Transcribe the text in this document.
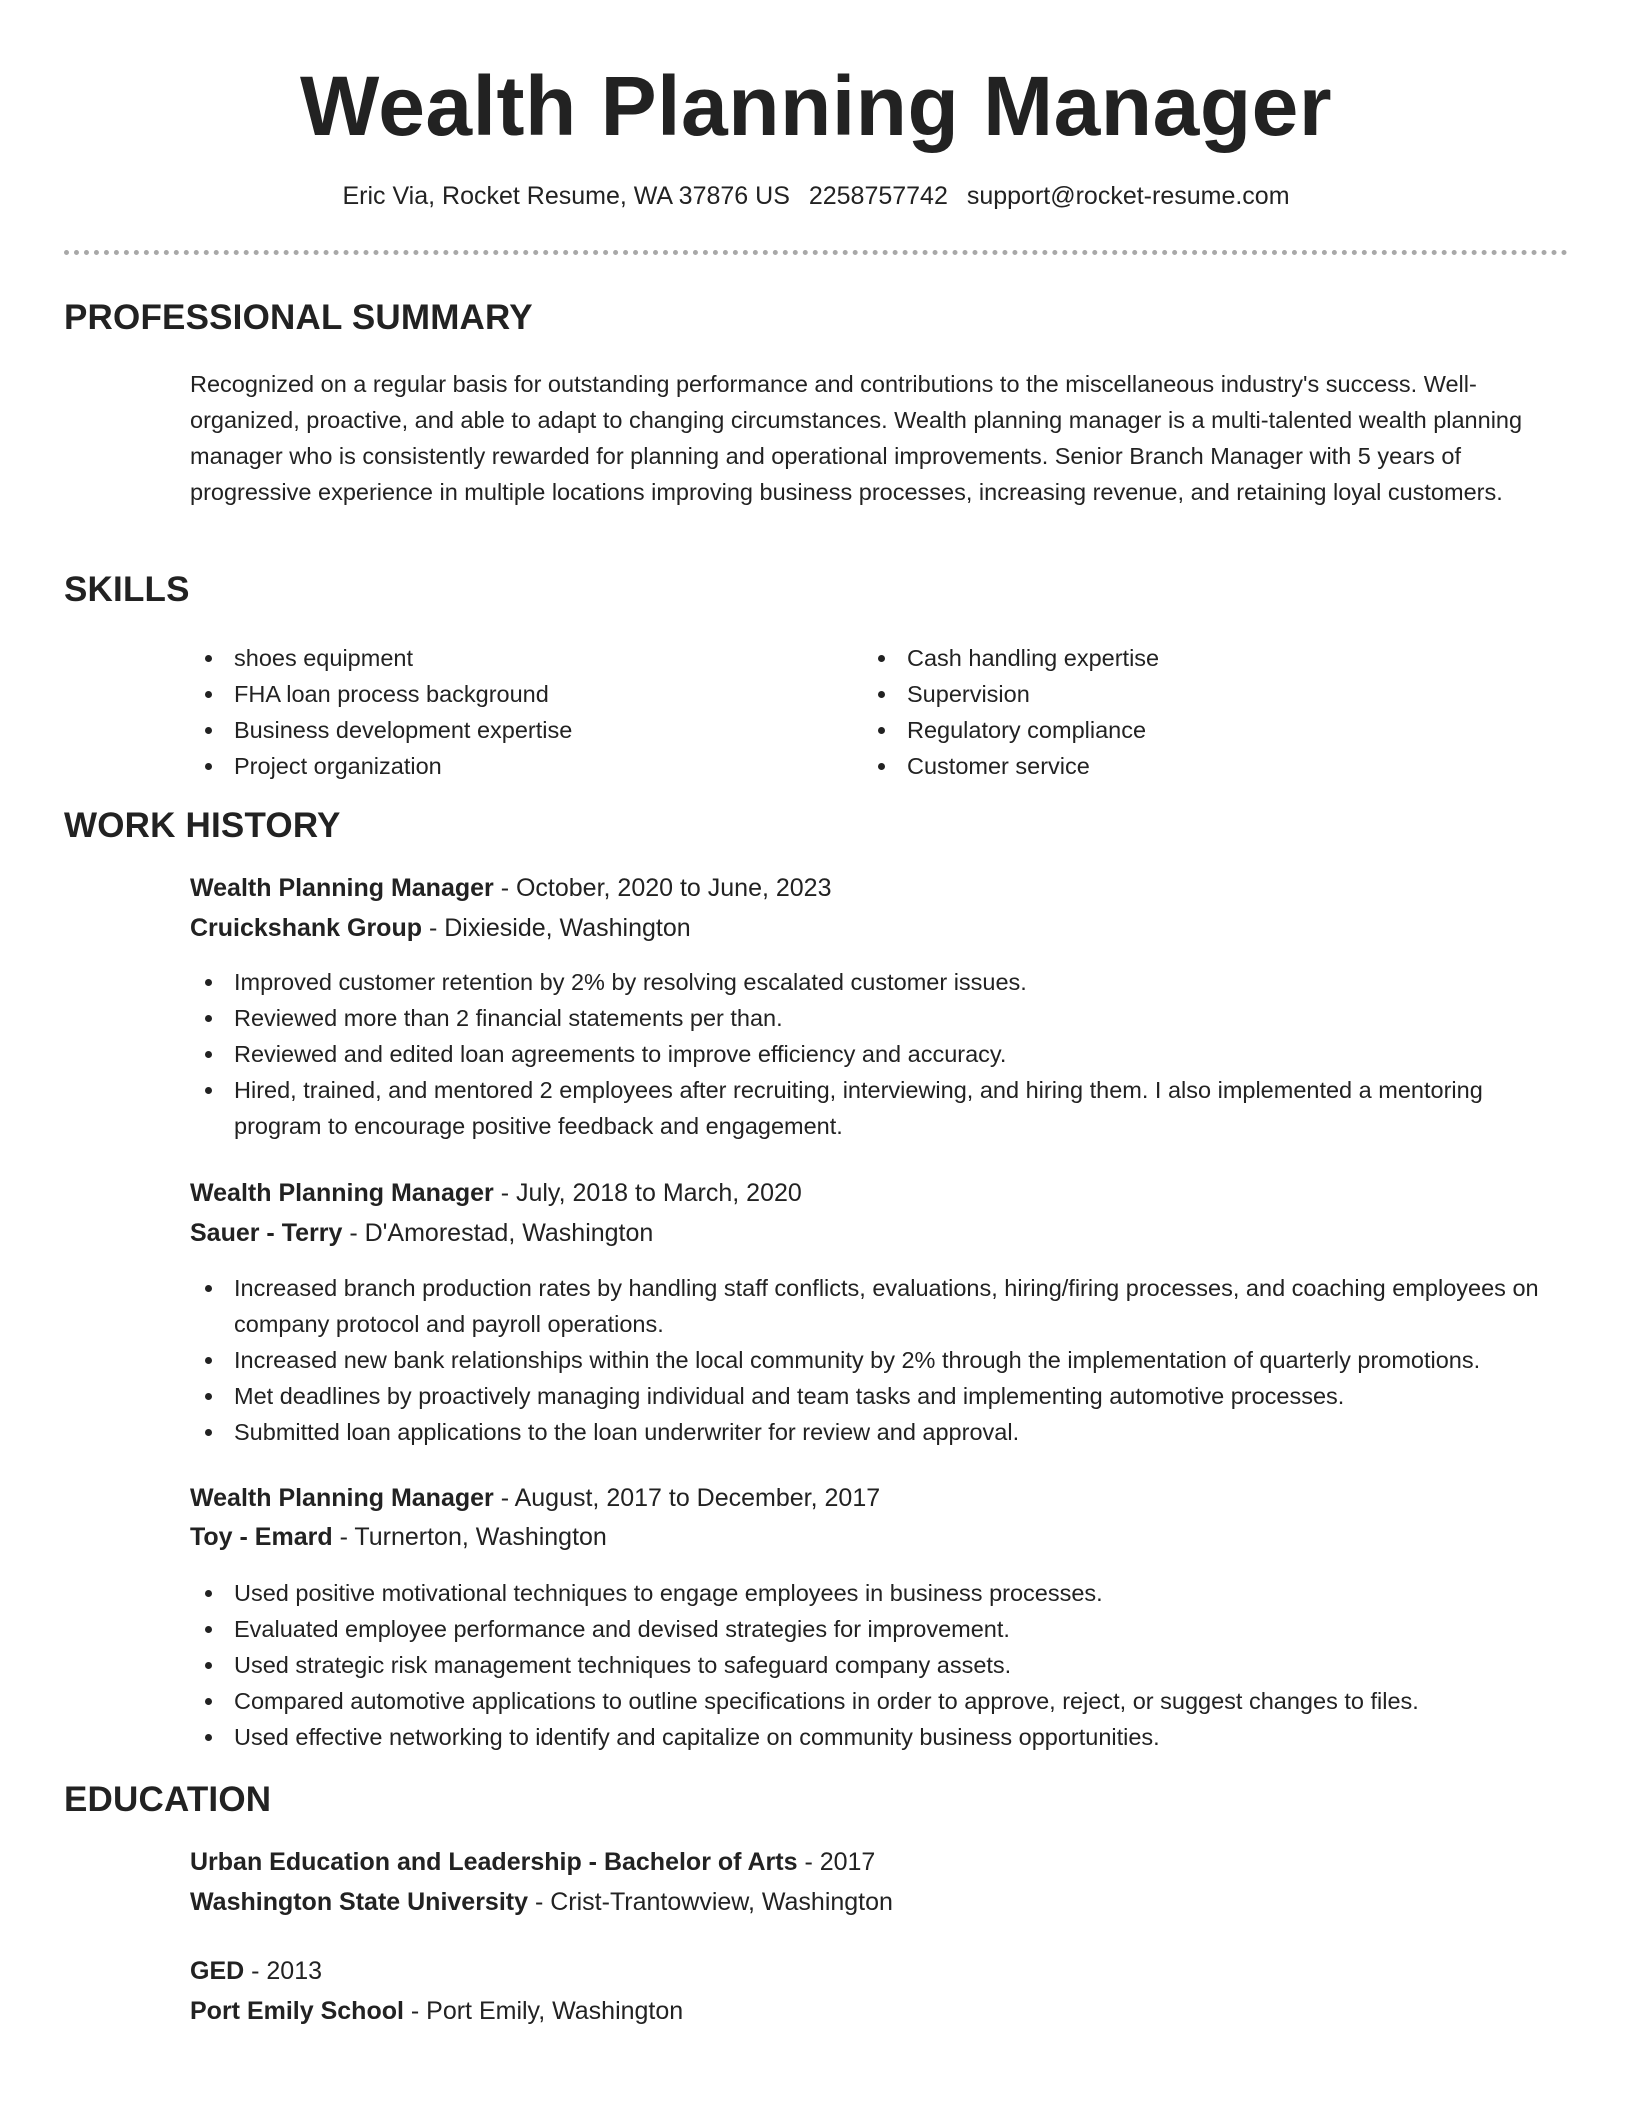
Wealth Planning Manager
Eric Via, Rocket Resume, WA 37876 US 2258757742 support@rocket-resume.com
PROFESSIONAL SUMMARY

Recognized on a regular basis for outstanding performance and contributions to the miscellaneous industry's success. Well-organized, proactive, and able to adapt to changing circumstances. Wealth planning manager is a multi-talented wealth planning manager who is consistently rewarded for planning and operational improvements. Senior Branch Manager with 5 years of progressive experience in multiple locations improving business processes, increasing revenue, and retaining loyal customers.

SKILLS
shoes equipment
FHA loan process background
Business development expertise
Project organization
Cash handling expertise
Supervision
Regulatory compliance
Customer service
WORK HISTORY
Wealth Planning Manager - October, 2020 to June, 2023
Cruickshank Group - Dixieside, Washington
Improved customer retention by 2% by resolving escalated customer issues.
Reviewed more than 2 financial statements per than.
Reviewed and edited loan agreements to improve efficiency and accuracy.
Hired, trained, and mentored 2 employees after recruiting, interviewing, and hiring them. I also implemented a mentoring program to encourage positive feedback and engagement.
Wealth Planning Manager - July, 2018 to March, 2020
Sauer - Terry - D'Amorestad, Washington
Increased branch production rates by handling staff conflicts, evaluations, hiring/firing processes, and coaching employees on company protocol and payroll operations.
Increased new bank relationships within the local community by 2% through the implementation of quarterly promotions.
Met deadlines by proactively managing individual and team tasks and implementing automotive processes.
Submitted loan applications to the loan underwriter for review and approval.
Wealth Planning Manager - August, 2017 to December, 2017
Toy - Emard - Turnerton, Washington
Used positive motivational techniques to engage employees in business processes.
Evaluated employee performance and devised strategies for improvement.
Used strategic risk management techniques to safeguard company assets.
Compared automotive applications to outline specifications in order to approve, reject, or suggest changes to files.
Used effective networking to identify and capitalize on community business opportunities.
EDUCATION
Urban Education and Leadership - Bachelor of Arts - 2017
Washington State University - Crist-Trantowview, Washington
GED - 2013
Port Emily School - Port Emily, Washington
